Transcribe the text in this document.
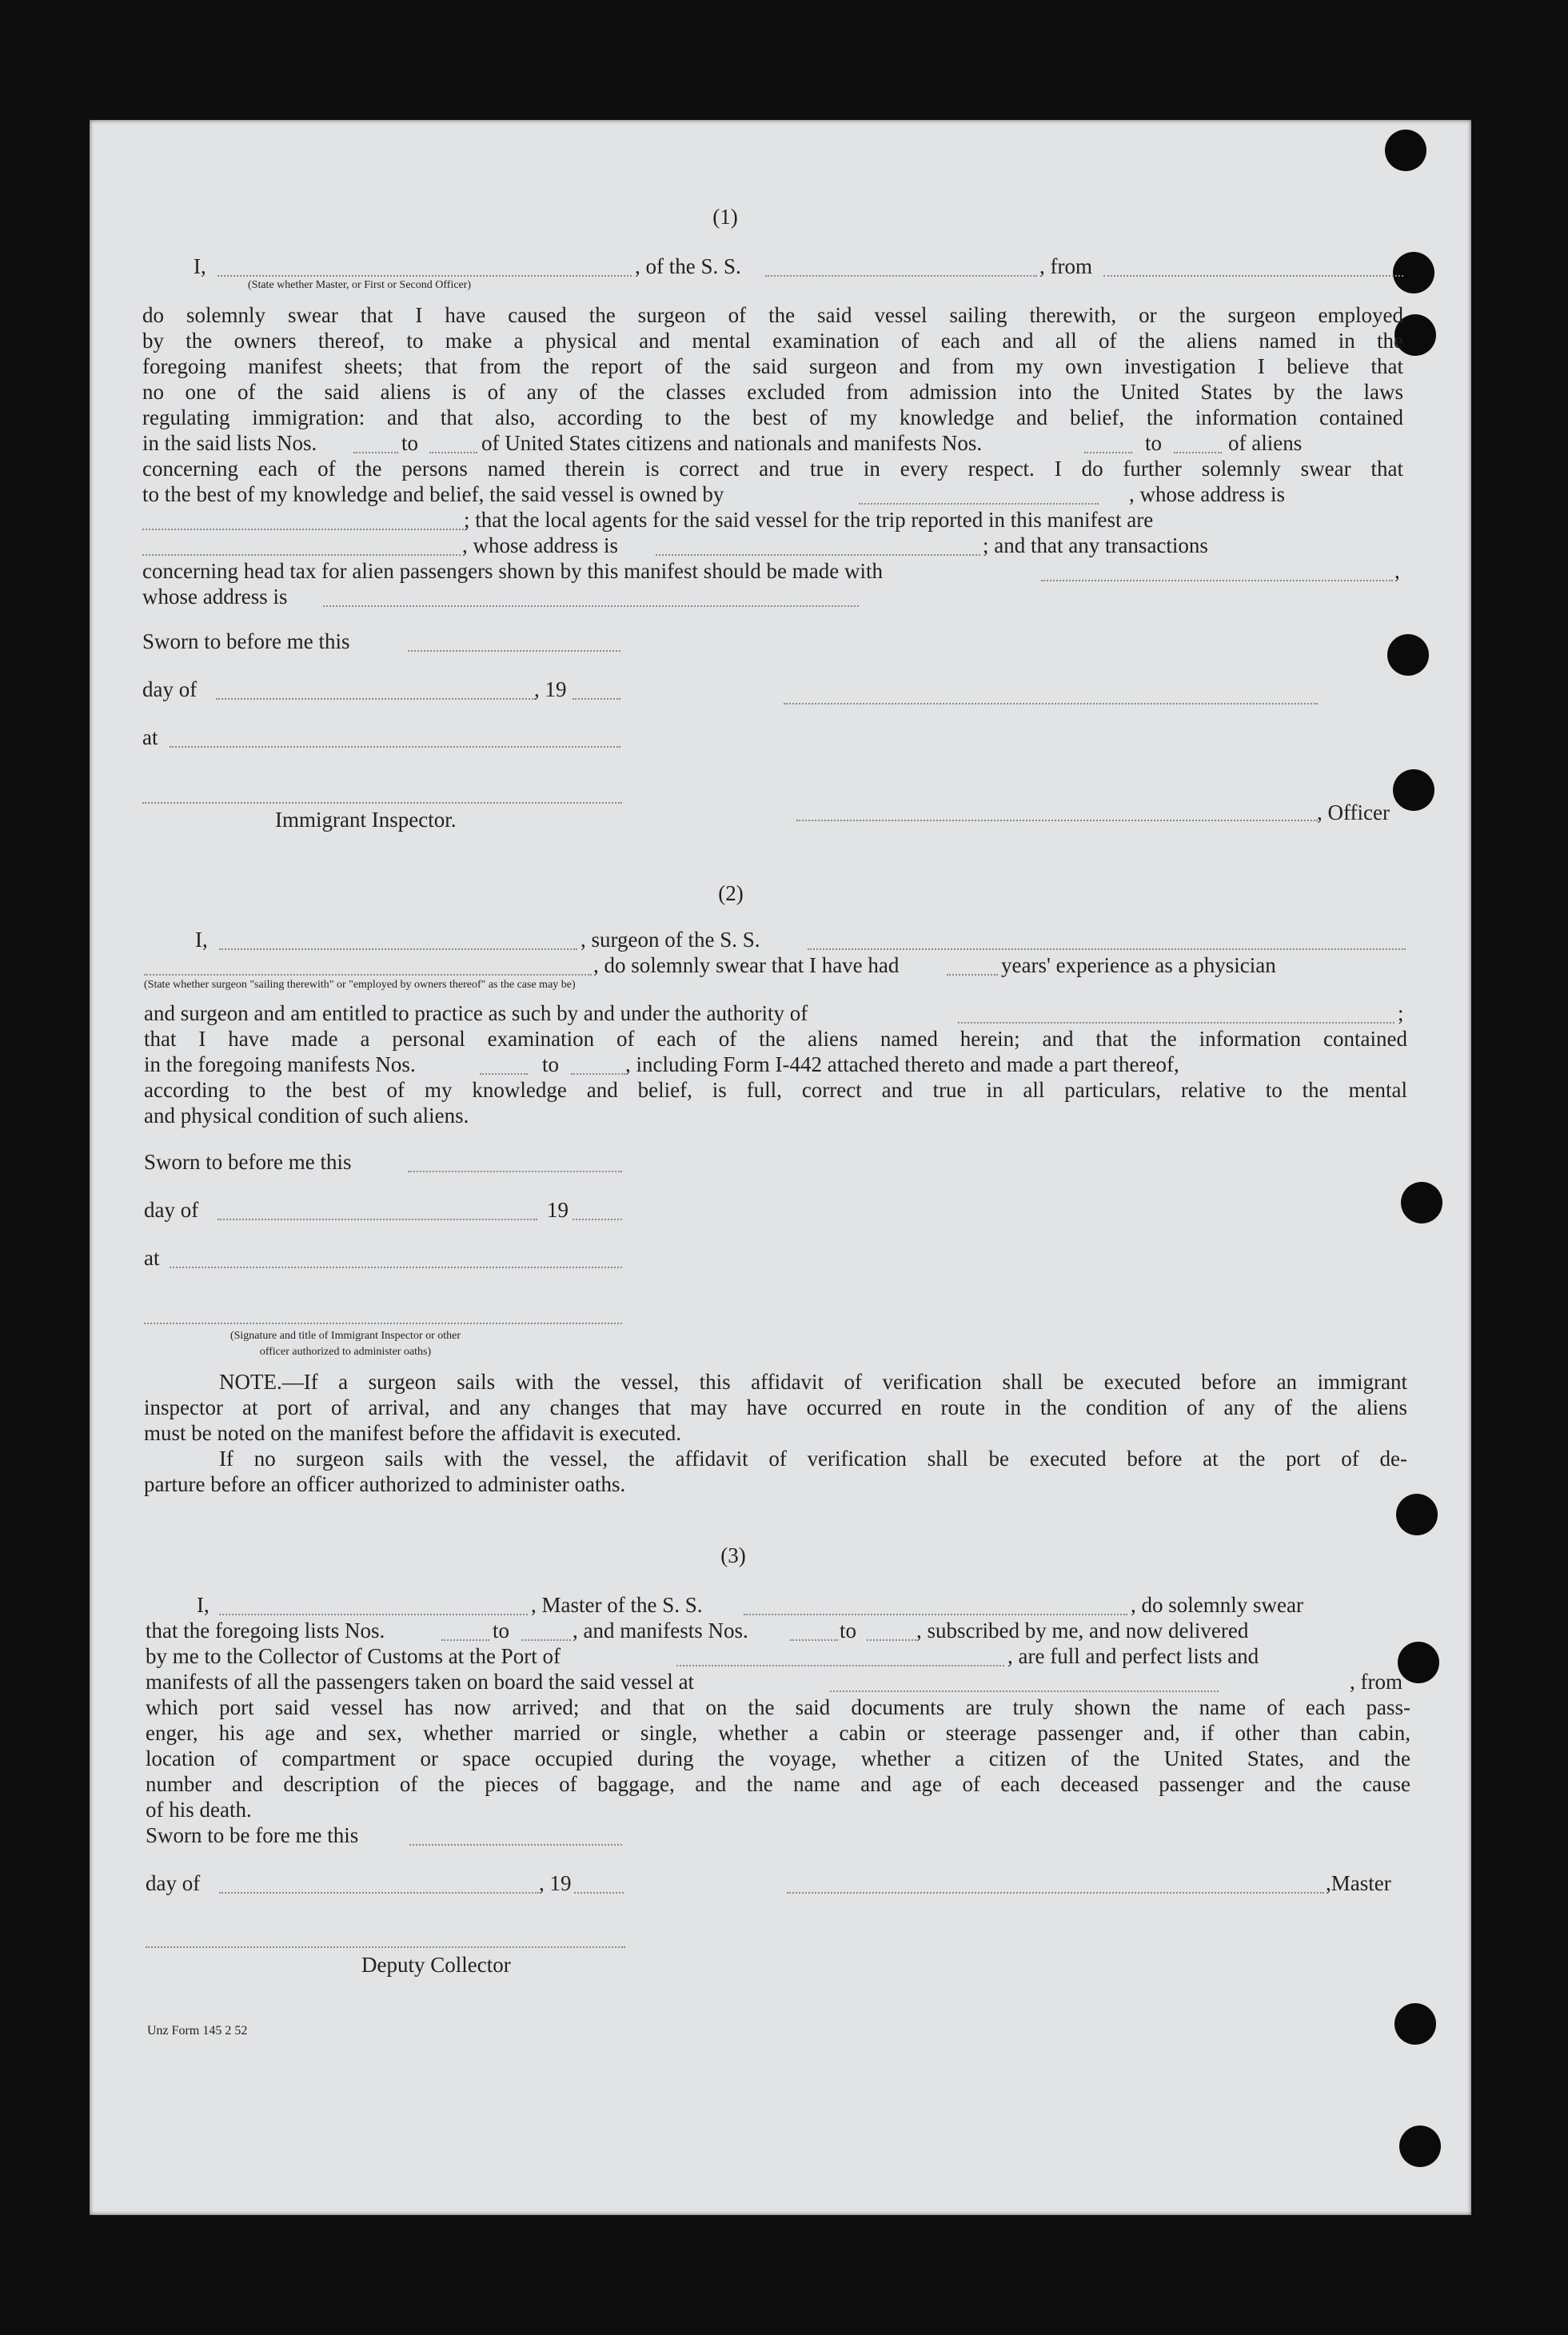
(1)
I,	, of the S. S.	, from
(State whether Master, or First or Second Officer)
do solemnly swear that I have caused the surgeon of the said vessel sailing therewith, or the surgeon employed
by the owners thereof, to make a physical and mental examination of each and all of the aliens named in the
foregoing manifest sheets; that from the report of the said surgeon and from my own investigation I believe that
no one of the said aliens is of any of the classes excluded from admission into the United States by the laws
regulating immigration: and that also, according to the best of my knowledge and belief, the information contained
in the said lists Nos.	to	of United States citizens and nationals and manifests Nos.	to	of aliens
concerning each of the persons named therein is correct and true in every respect. I do further solemnly swear that
to the best of my knowledge and belief, the said vessel is owned by	, whose address is
; that the local agents for the said vessel for the trip reported in this manifest are
, whose address is	; and that any transactions
concerning head tax for alien passengers shown by this manifest should be made with	,
whose address is
Sworn to before me this
day of	, 19
at
Immigrant Inspector.	, Officer
(2)
I,	, surgeon of the S. S.
, do solemnly swear that I have had	years' experience as a physician
(State whether surgeon "sailing therewith" or "employed by owners thereof" as the case may be)
and surgeon and am entitled to practice as such by and under the authority of	;
that I have made a personal examination of each of the aliens named herein; and that the information contained
in the foregoing manifests Nos.	to	, including Form I-442 attached thereto and made a part thereof,
according to the best of my knowledge and belief, is full, correct and true in all particulars, relative to the mental
and physical condition of such aliens.
Sworn to before me this
day of	19
at
(Signature and title of Immigrant Inspector or other
officer authorized to administer oaths)
NOTE.—If a surgeon sails with the vessel, this affidavit of verification shall be executed before an immigrant
inspector at port of arrival, and any changes that may have occurred en route in the condition of any of the aliens
must be noted on the manifest before the affidavit is executed.
If no surgeon sails with the vessel, the affidavit of verification shall be executed before at the port of de-
parture before an officer authorized to administer oaths.
(3)
I,	, Master of the S. S.	, do solemnly swear
that the foregoing lists Nos.	to	, and manifests Nos.	to	, subscribed by me, and now delivered
by me to the Collector of Customs at the Port of	, are full and perfect lists and
manifests of all the passengers taken on board the said vessel at	, from
which port said vessel has now arrived; and that on the said documents are truly shown the name of each pass-
enger, his age and sex, whether married or single, whether a cabin or steerage passenger and, if other than cabin,
location of compartment or space occupied during the voyage, whether a citizen of the United States, and the
number and description of the pieces of baggage, and the name and age of each deceased passenger and the cause
of his death.
Sworn to be fore me this
day of	, 19	,Master
Deputy Collector
Unz Form 145 2 52
